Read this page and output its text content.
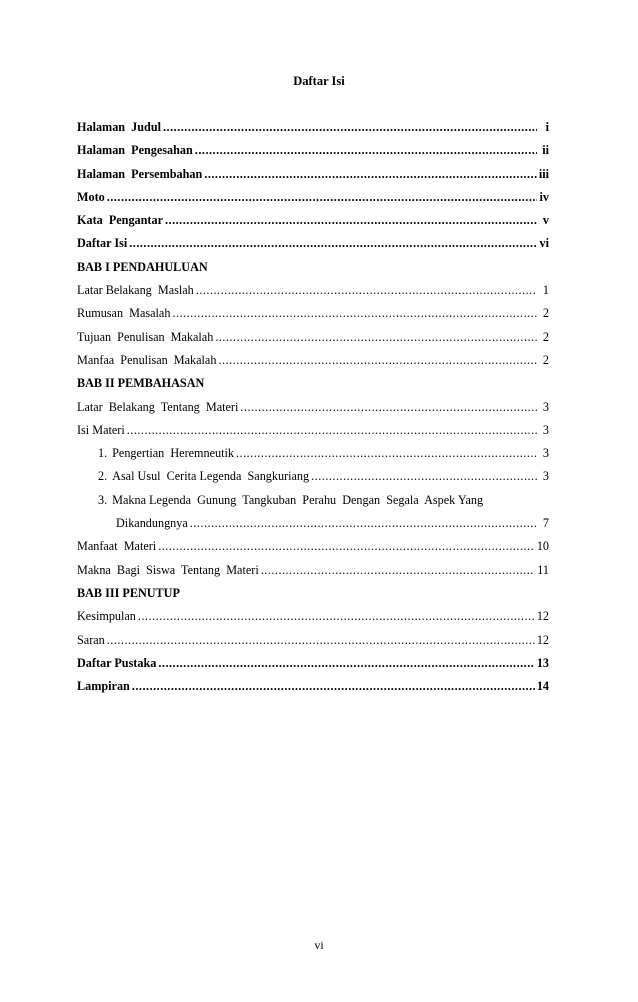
Daftar Isi
Halaman  Judul .....	i
Halaman  Pengesahan .....	ii
Halaman  Persembahan .....	iii
Moto .....	iv
Kata  Pengantar .....	v
Daftar Isi .....	vi
BAB I PENDAHULUAN
Latar Belakang  Maslah .....	1
Rumusan  Masalah .....	2
Tujuan  Penulisan  Makalah .....	2
Manfaa  Penulisan  Makalah .....	2
BAB II PEMBAHASAN
Latar  Belakang  Tentang  Materi .....	3
Isi Materi .....	3
1. Pengertian  Heremneutik .....	3
2. Asal Usul  Cerita Legenda  Sangkuriang .....	3
3. Makna Legenda  Gunung  Tangkuban  Perahu  Dengan  Segala  Aspek Yang
Dikandungnya .....	7
Manfaat  Materi .....	10
Makna  Bagi  Siswa  Tentang  Materi .....	11
BAB III PENUTUP
Kesimpulan .....	12
Saran .....	12
Daftar Pustaka .....	13
Lampiran .....	14
vi
